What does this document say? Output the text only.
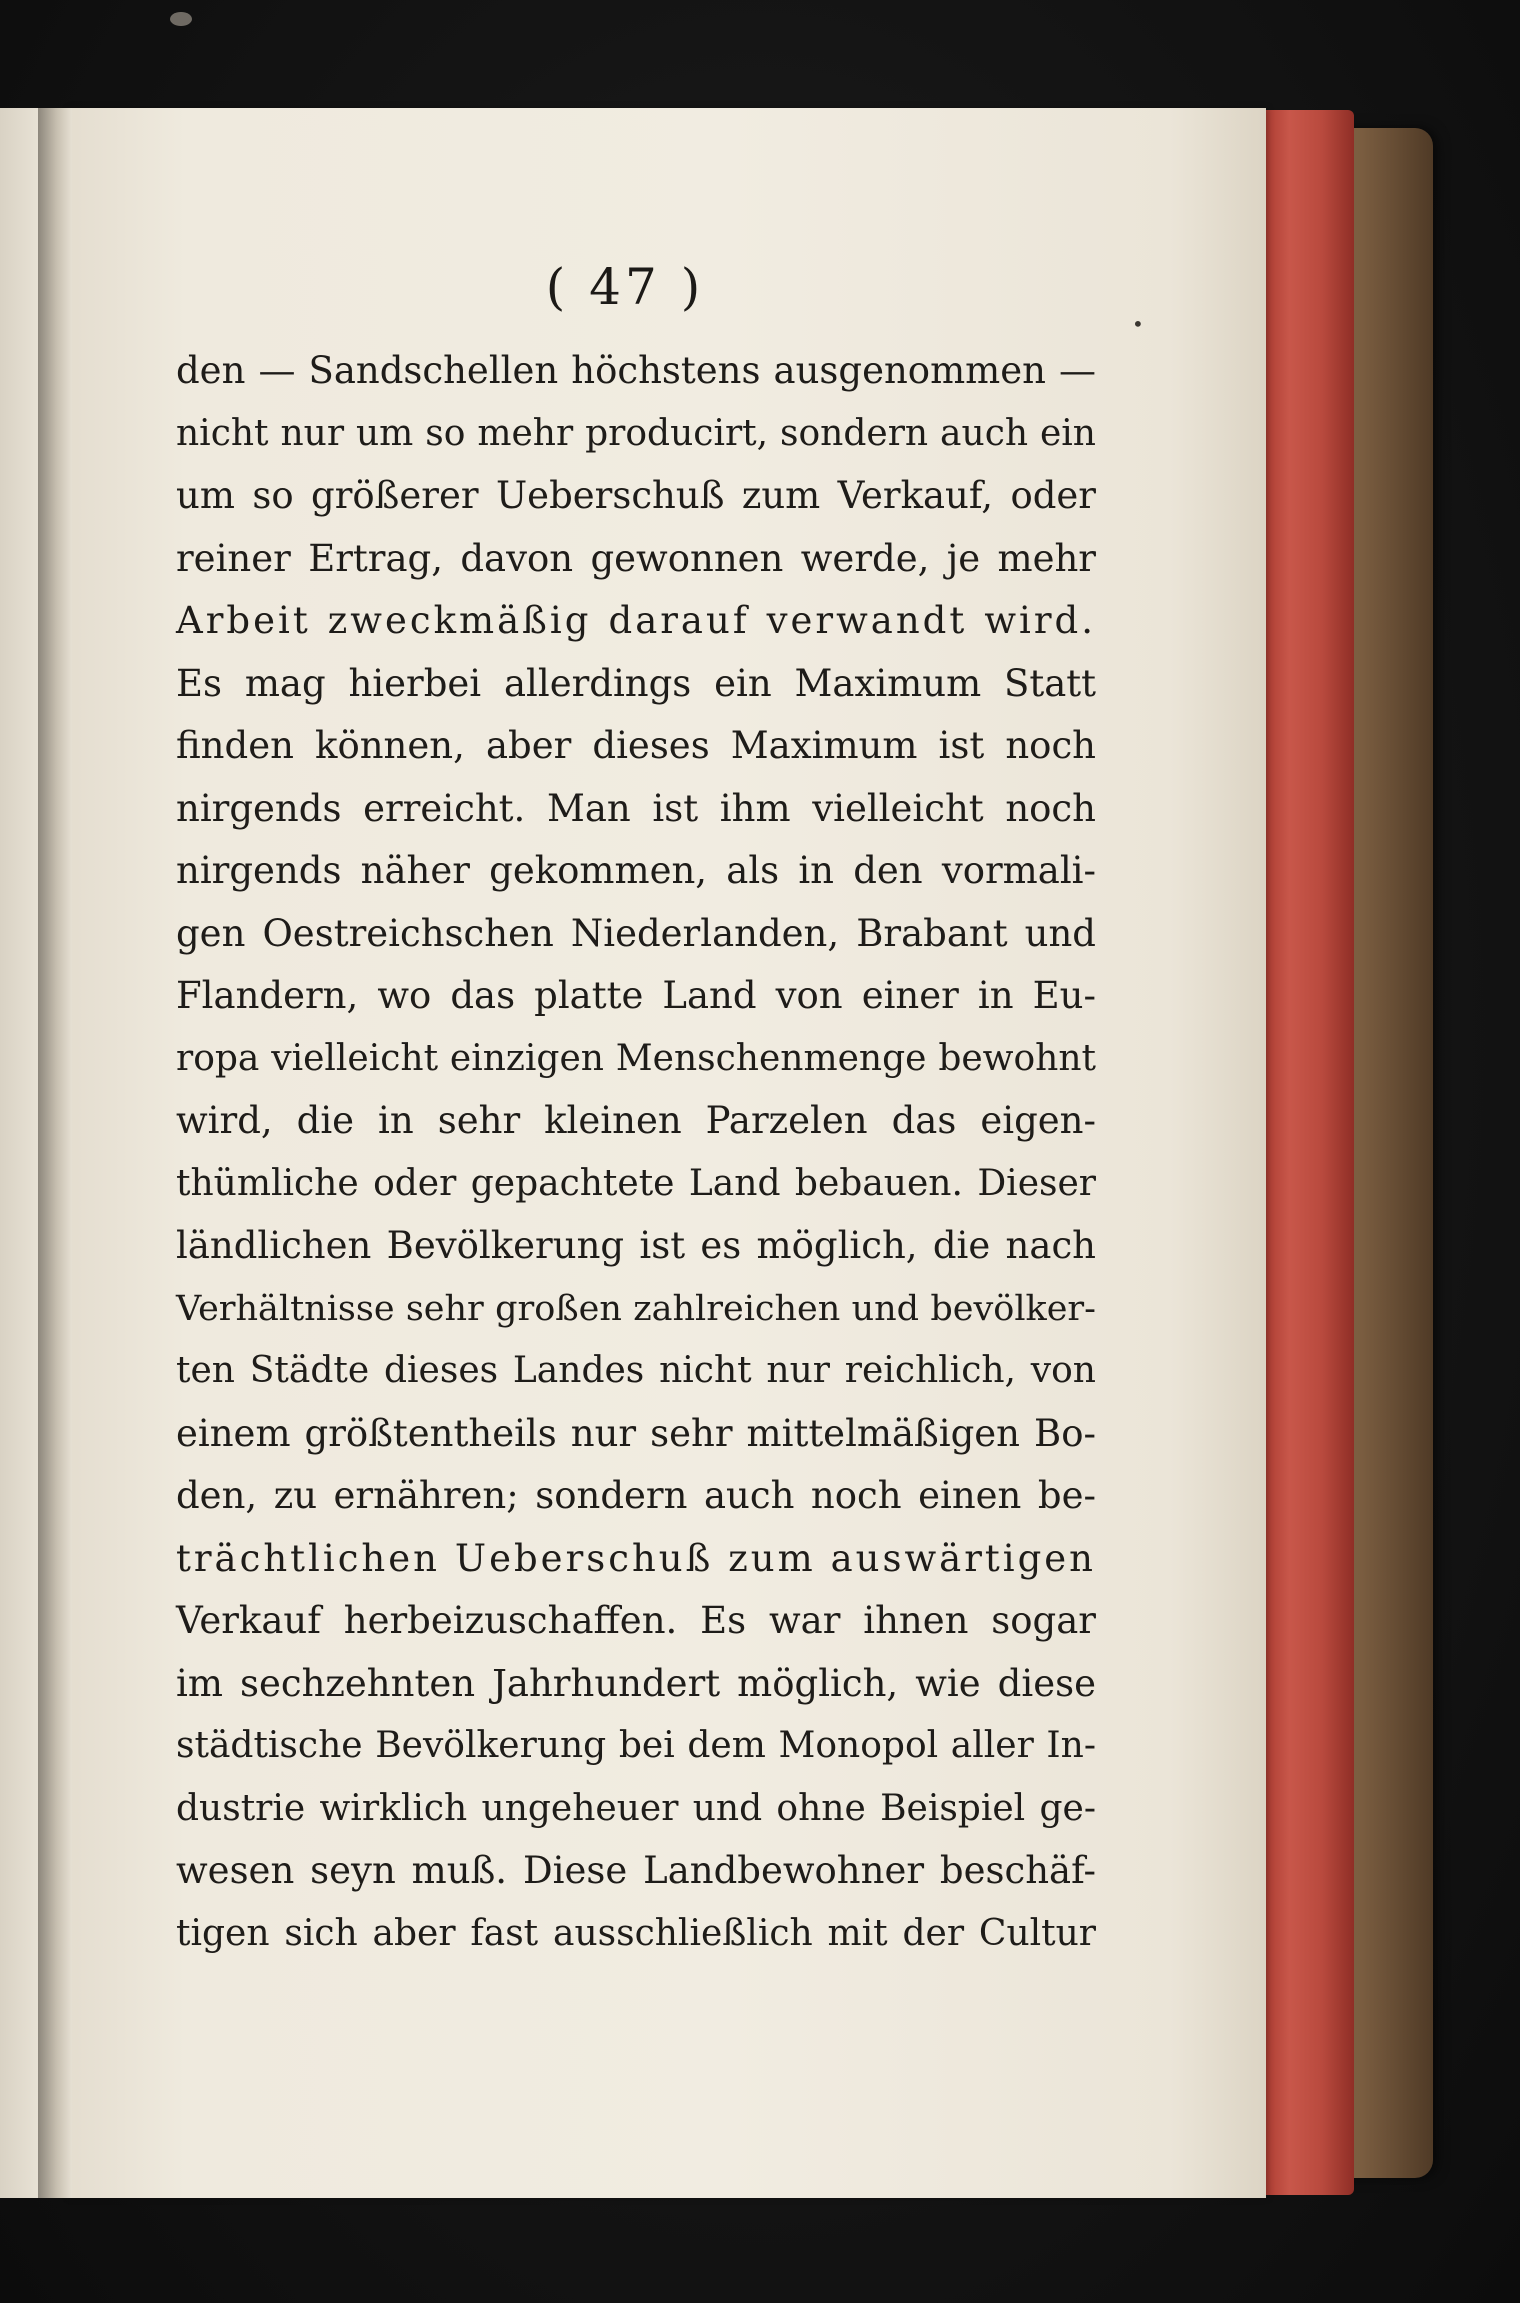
( 47 )
•
den — Sandschellen höchstens ausgenommen —
nicht nur um so mehr producirt, sondern auch ein
um so größerer Ueberschuß zum Verkauf, oder
reiner Ertrag, davon gewonnen werde, je mehr
Arbeit zweckmäßig darauf verwandt wird.
Es mag hierbei allerdings ein Maximum Statt
finden können, aber dieses Maximum ist noch
nirgends erreicht. Man ist ihm vielleicht noch
nirgends näher gekommen, als in den vormali-
gen Oestreichschen Niederlanden, Brabant und
Flandern, wo das platte Land von einer in Eu-
ropa vielleicht einzigen Menschenmenge bewohnt
wird, die in sehr kleinen Parzelen das eigen-
thümliche oder gepachtete Land bebauen. Dieser
ländlichen Bevölkerung ist es möglich, die nach
Verhältnisse sehr großen zahlreichen und bevölker-
ten Städte dieses Landes nicht nur reichlich, von
einem größtentheils nur sehr mittelmäßigen Bo-
den, zu ernähren; sondern auch noch einen be-
trächtlichen Ueberschuß zum auswärtigen
Verkauf herbeizuschaffen. Es war ihnen sogar
im sechzehnten Jahrhundert möglich, wie diese
städtische Bevölkerung bei dem Monopol aller In-
dustrie wirklich ungeheuer und ohne Beispiel ge-
wesen seyn muß. Diese Landbewohner beschäf-
tigen sich aber fast ausschließlich mit der Cultur
